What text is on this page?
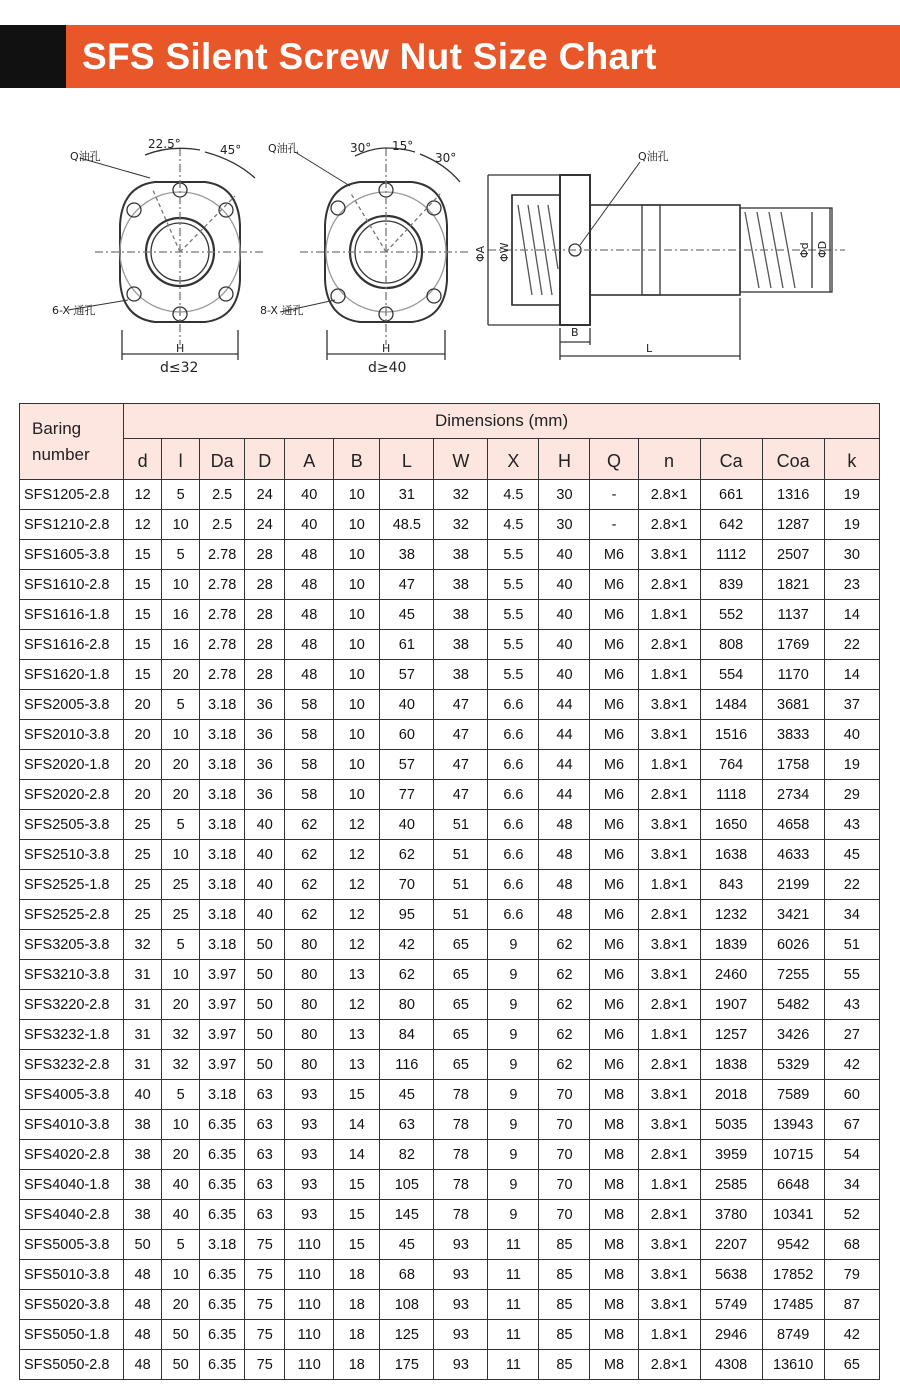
SFS Silent Screw Nut Size Chart
Q油孔
22.5°	45°
6-X 通孔
H
d≤32
Q油孔	30° 15°
30°
8-X 通孔
H
d≥40
Q油孔
ΦA ΦW	Φd ΦD
B
L
Baring number	Dimensions (mm)														
	d	l	Da	D	A	B	L	W	X	H	Q	n	Ca	Coa	k
SFS1205-2.8	12	5	2.5	24	40	10	31	32	4.5	30	-	2.8×1	661	1316	19
SFS1210-2.8	12	10	2.5	24	40	10	48.5	32	4.5	30	-	2.8×1	642	1287	19
SFS1605-3.8	15	5	2.78	28	48	10	38	38	5.5	40	M6	3.8×1	1112	2507	30
SFS1610-2.8	15	10	2.78	28	48	10	47	38	5.5	40	M6	2.8×1	839	1821	23
SFS1616-1.8	15	16	2.78	28	48	10	45	38	5.5	40	M6	1.8×1	552	1137	14
SFS1616-2.8	15	16	2.78	28	48	10	61	38	5.5	40	M6	2.8×1	808	1769	22
SFS1620-1.8	15	20	2.78	28	48	10	57	38	5.5	40	M6	1.8×1	554	1170	14
SFS2005-3.8	20	5	3.18	36	58	10	40	47	6.6	44	M6	3.8×1	1484	3681	37
SFS2010-3.8	20	10	3.18	36	58	10	60	47	6.6	44	M6	3.8×1	1516	3833	40
SFS2020-1.8	20	20	3.18	36	58	10	57	47	6.6	44	M6	1.8×1	764	1758	19
SFS2020-2.8	20	20	3.18	36	58	10	77	47	6.6	44	M6	2.8×1	1118	2734	29
SFS2505-3.8	25	5	3.18	40	62	12	40	51	6.6	48	M6	3.8×1	1650	4658	43
SFS2510-3.8	25	10	3.18	40	62	12	62	51	6.6	48	M6	3.8×1	1638	4633	45
SFS2525-1.8	25	25	3.18	40	62	12	70	51	6.6	48	M6	1.8×1	843	2199	22
SFS2525-2.8	25	25	3.18	40	62	12	95	51	6.6	48	M6	2.8×1	1232	3421	34
SFS3205-3.8	32	5	3.18	50	80	12	42	65	9	62	M6	3.8×1	1839	6026	51
SFS3210-3.8	31	10	3.97	50	80	13	62	65	9	62	M6	3.8×1	2460	7255	55
SFS3220-2.8	31	20	3.97	50	80	12	80	65	9	62	M6	2.8×1	1907	5482	43
SFS3232-1.8	31	32	3.97	50	80	13	84	65	9	62	M6	1.8×1	1257	3426	27
SFS3232-2.8	31	32	3.97	50	80	13	116	65	9	62	M6	2.8×1	1838	5329	42
SFS4005-3.8	40	5	3.18	63	93	15	45	78	9	70	M8	3.8×1	2018	7589	60
SFS4010-3.8	38	10	6.35	63	93	14	63	78	9	70	M8	3.8×1	5035	13943	67
SFS4020-2.8	38	20	6.35	63	93	14	82	78	9	70	M8	2.8×1	3959	10715	54
SFS4040-1.8	38	40	6.35	63	93	15	105	78	9	70	M8	1.8×1	2585	6648	34
SFS4040-2.8	38	40	6.35	63	93	15	145	78	9	70	M8	2.8×1	3780	10341	52
SFS5005-3.8	50	5	3.18	75	110	15	45	93	11	85	M8	3.8×1	2207	9542	68
SFS5010-3.8	48	10	6.35	75	110	18	68	93	11	85	M8	3.8×1	5638	17852	79
SFS5020-3.8	48	20	6.35	75	110	18	108	93	11	85	M8	3.8×1	5749	17485	87
SFS5050-1.8	48	50	6.35	75	110	18	125	93	11	85	M8	1.8×1	2946	8749	42
SFS5050-2.8	48	50	6.35	75	110	18	175	93	11	85	M8	2.8×1	4308	13610	65
